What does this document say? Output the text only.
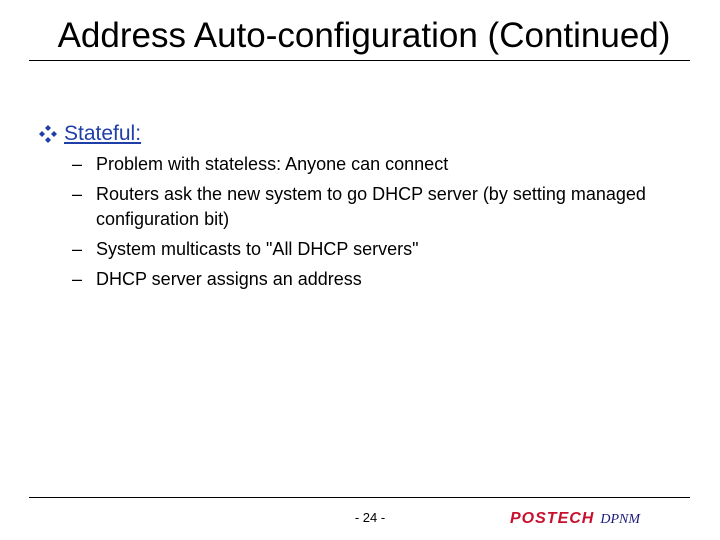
Address Auto-configuration (Continued)
Stateful:
– Problem with stateless: Anyone can connect
– Routers ask the new system to go DHCP server (by setting managed configuration bit)
– System multicasts to "All DHCP servers"
– DHCP server assigns an address
- 24 -	POSTECH DPNM
